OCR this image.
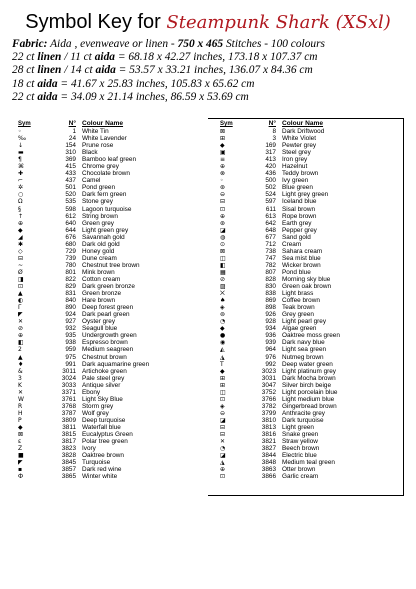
Symbol Key for Steampunk Shark (XSxl)
Fabric: Aida , evenweave or linen - 750 x 465 Stitches - 100 colours
22 ct linen / 11 ct aida = 68.18 x 42.27 inches, 173.18 x 107.37 cm
28 ct linen / 14 ct aida = 53.57 x 33.21 inches, 136.07 x 84.36 cm
18 ct aida = 41.67 x 25.83 inches, 105.83 x 65.62 cm
22 ct aida = 34.09 x 21.14 inches, 86.59 x 53.69 cm
Sym	N° Colour Name
◦	1 White Tin
‰	24 White Lavender
↓	154 Prune rose
▬	310 Black
¶	369 Bamboo leaf green
⌘	415 Chrome grey
✚	433 Chocolate brown
⌐	437 Camel
✲	501 Pond green
○	520 Dark fern green
Ω	535 Stone grey
§	598 Lagoon turquoise
↑	612 String brown
⊕	640 Green grey
◆	644 Light green grey
◢	676 Savannah gold
✱	680 Dark old gold
◇	729 Honey gold
⊟	739 Dune cream
~	780 Chestnut tree brown
Ø	801 Mink brown
◨	822 Cotton cream
⊡	829 Dark green bronze
▲	831 Green bronze
◐	840 Hare brown
Γ	890 Deep forest green
◤	924 Dark pearl green
✕	927 Oyster grey
⊘	932 Seagull blue
⊕	935 Undergrowth green
◧	938 Espresso brown
2	959 Medium seagreen
▲	975 Chestnut brown
♦	991 Dark aquamarine green
&	3011 Artichoke green
3	3024 Pale steel grey
K	3033 Antique silver
✕	3371 Ebony
W	3761 Light Sky Blue
R	3768 Storm grey
H	3787 Wolf grey
P	3809 Deep turquoise
◆	3811 Waterfall blue
⊠	3815 Eucalyptus Green
ε	3817 Polar tree green
Z	3823 Ivory
■	3828 Oaktree brown
◤	3845 Turquoise
▪	3857 Dark red wine
Ф	3865 Winter white
Sym	N° Colour Name
⊠	8 Dark Driftwood
⊞	3 White Violet
◆	169 Pewter grey
▣	317 Steel grey
≡	413 Iron grey
⊕	420 Hazelnut
⊗	436 Teddy brown
◦	500 Ivy green
⊛	502 Blue green
⊖	524 Light grey green
⊟	597 Iceland blue
⊡	611 Sisal brown
⊕	613 Rope brown
⊛	642 Earth grey
◪	648 Pepper grey
◍	677 Sand gold
⊙	712 Cream
⊠	738 Sahara cream
◫	747 Sea mist blue
◧	782 Wicker brown
▦	807 Pond blue
⊘	828 Morning sky blue
▨	830 Green oak brown
⨉	838 Light brass
♠	869 Coffee brown
◈	898 Teak brown
⊚	926 Grey green
◔	928 Light pearl grey
◆	934 Algae green
●	936 Oaktree moss green
◉	939 Dark navy blue
◭	964 Light sea green
◮	976 Nutmeg brown
T	992 Deep water green
◆	3023 Light platinum grey
⊞	3031 Dark Mocha brown
⊞	3047 Silver birch beige
◫	3752 Light porcelain blue
⊡	3766 Light medium blue
◈	3782 Gingerbread brown
⊖	3799 Anthracite grey
◪	3810 Dark turquoise
⊟	3813 Light green
⊟	3816 Snake green
✕	3821 Straw yellow
◔	3827 Beech brown
◪	3844 Electric blue
◮	3848 Medium teal green
⊕	3863 Otter brown
⊡	3866 Garlic cream
